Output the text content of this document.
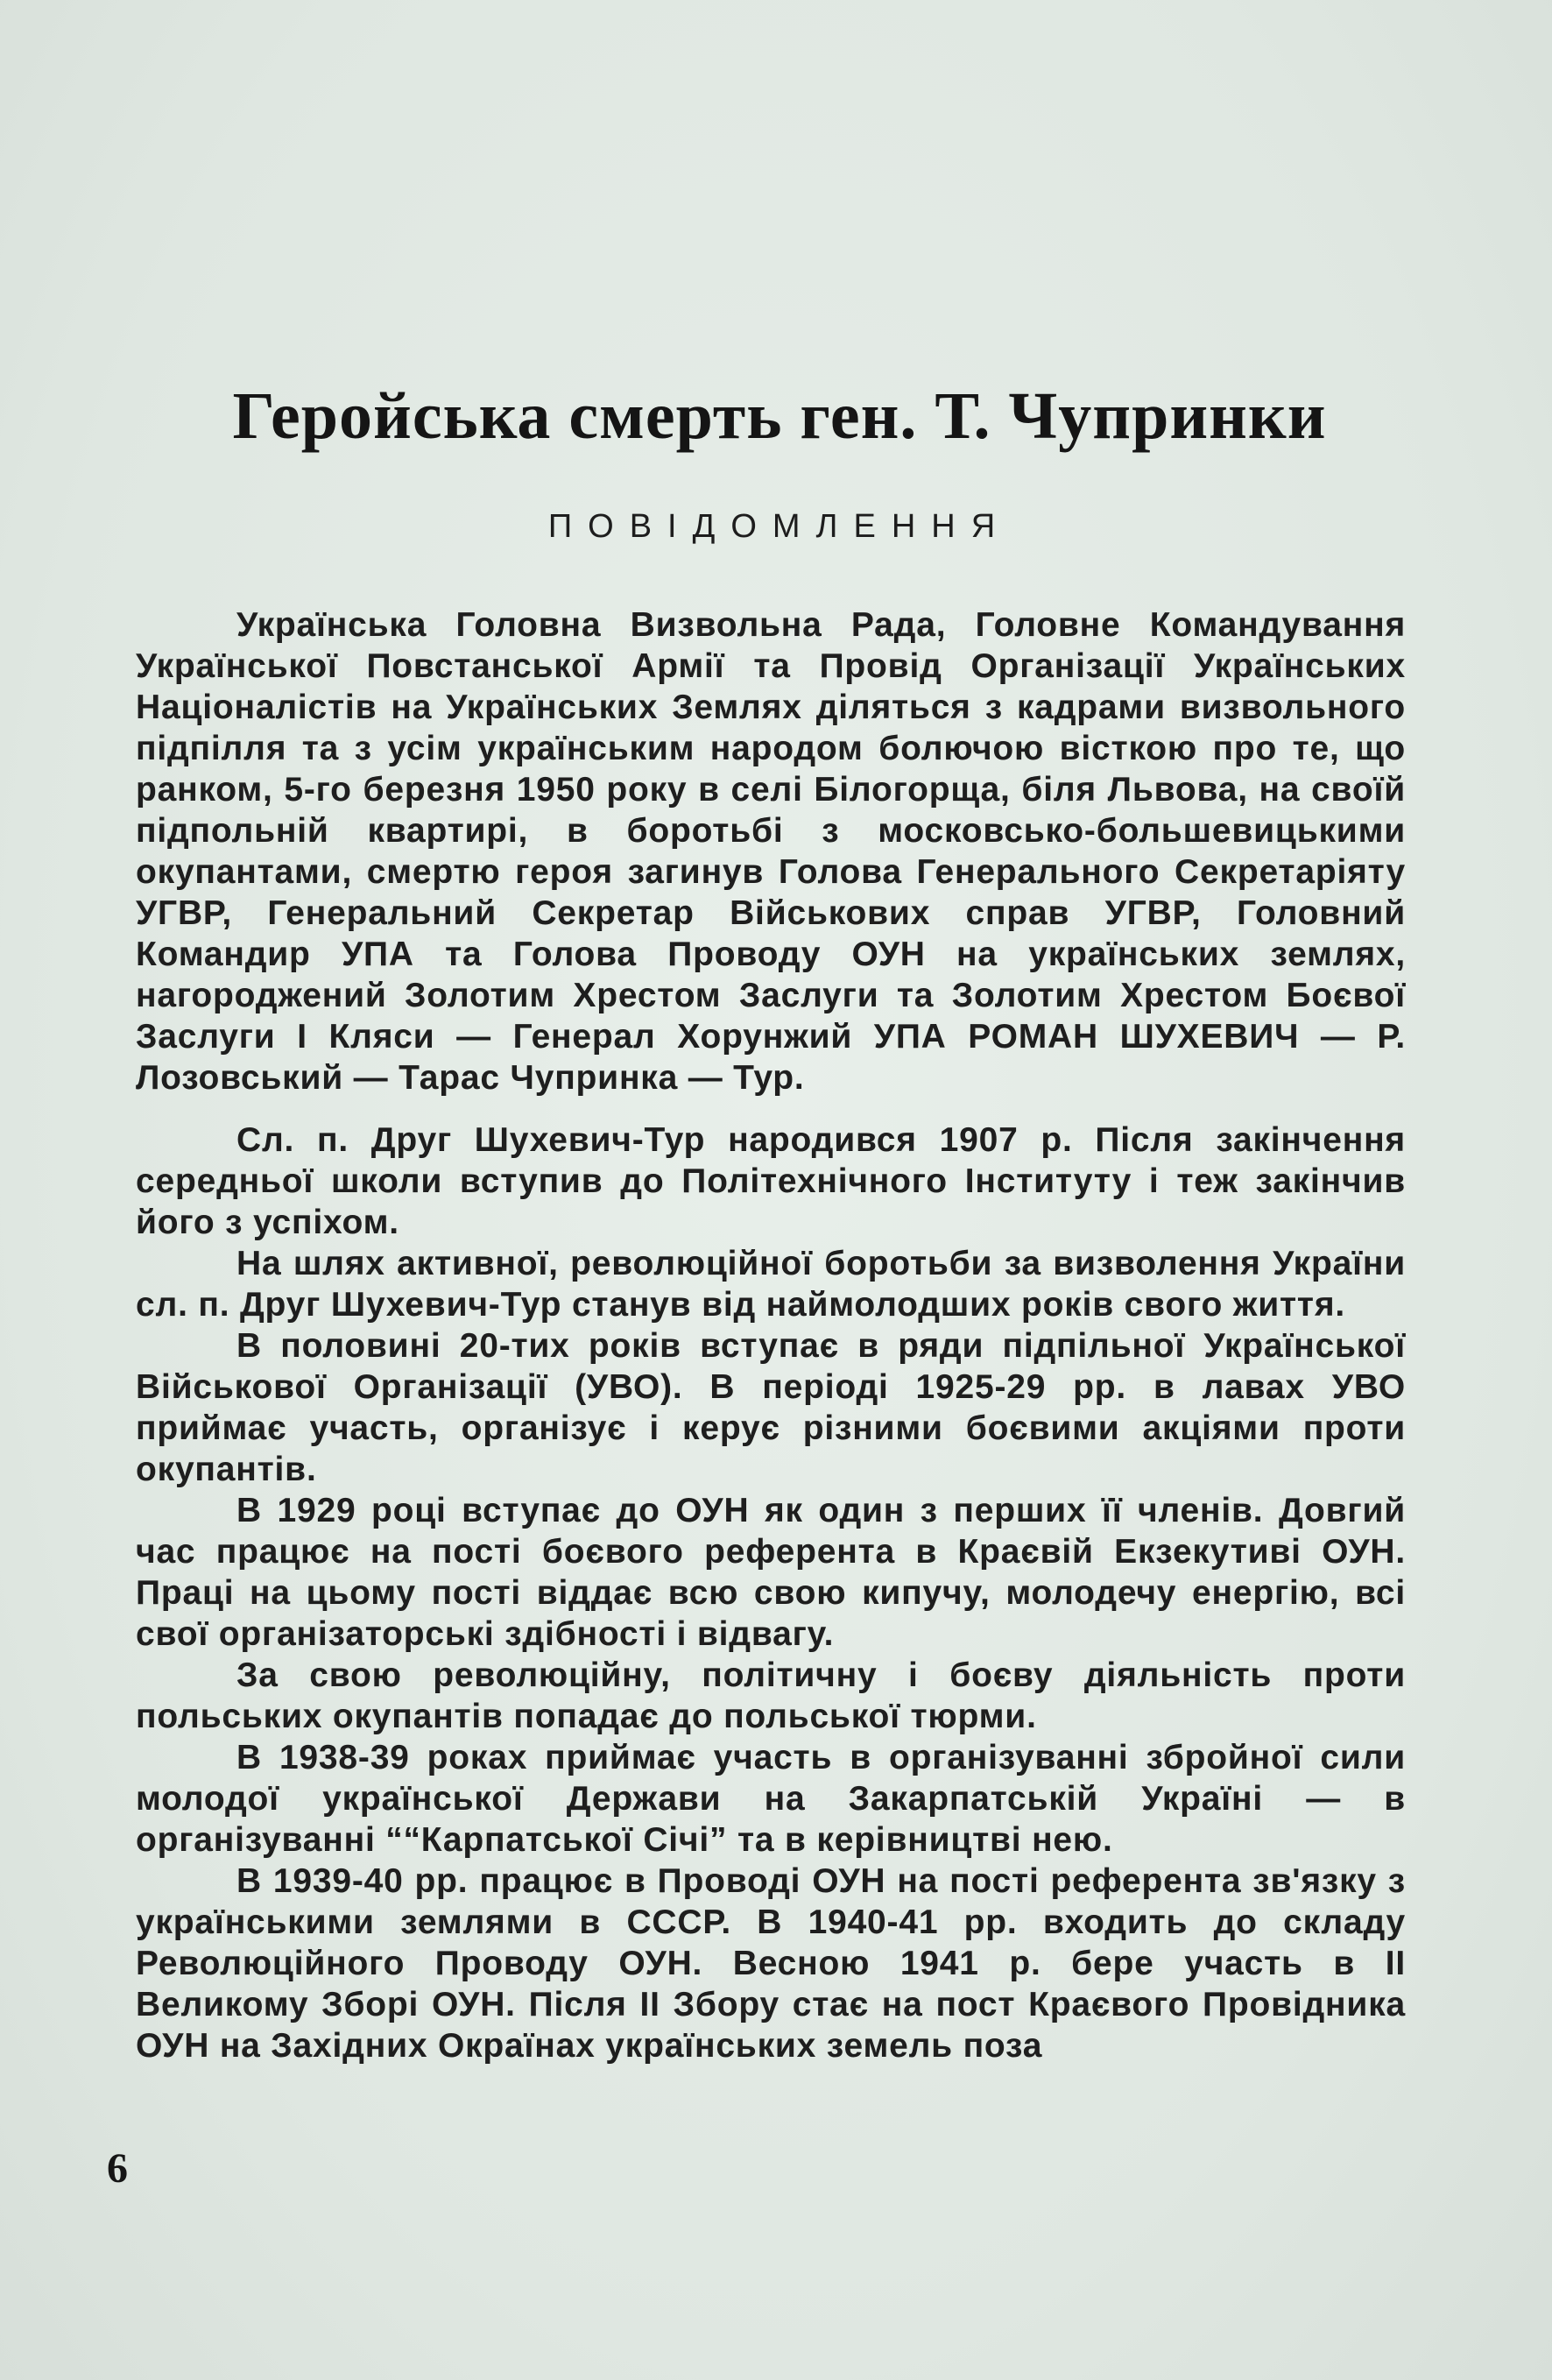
Геройська смерть ген. Т. Чупринки
ПОВІДОМЛЕННЯ

Українська Головна Визвольна Рада, Головне Командування Української Повстанської Армії та Провід Організації Українських Націоналістів на Українських Землях діляться з кадрами визвольного підпілля та з усім українським народом болючою вісткою про те, що ранком, 5-го березня 1950 року в селі Білогорща, біля Львова, на своїй підпольній квартирі, в боротьбі з московсько-большевицькими окупантами, смертю героя загинув Голова Генерального Секретаріяту УГВР, Генеральний Секретар Військових справ УГВР, Головний Командир УПА та Голова Проводу ОУН на українських землях, нагороджений Золотим Хрестом Заслуги та Золотим Хрестом Боєвої Заслуги І Кляси — Генерал Хорунжий УПА РОМАН ШУХЕВИЧ — Р. Лозовський — Тарас Чупринка — Тур.

Сл. п. Друг Шухевич-Тур народився 1907 р. Після закінчення середньої школи вступив до Політехнічного Інституту і теж закінчив його з успіхом.

На шлях активної, революційної боротьби за визволення України сл. п. Друг Шухевич-Тур станув від наймолодших років свого життя.

В половині 20-тих років вступає в ряди підпільної Української Військової Організації (УВО). В періоді 1925-29 рр. в лавах УВО приймає участь, організує і керує різними боєвими акціями проти окупантів.

В 1929 році вступає до ОУН як один з перших її членів. Довгий час працює на пості боєвого референта в Краєвій Екзекутиві ОУН. Праці на цьому пості віддає всю свою кипучу, молодечу енергію, всі свої організаторські здібності і відвагу.

За свою революційну, політичну і боєву діяльність проти польських окупантів попадає до польської тюрми.

В 1938-39 роках приймає участь в організуванні збройної сили молодої української Держави на Закарпатській Україні — в організуванні ““Карпатської Січі” та в керівництві нею.

В 1939-40 рр. працює в Проводі ОУН на пості референта зв'язку з українськими землями в СССР. В 1940-41 рр. входить до складу Революційного Проводу ОУН. Весною 1941 р. бере участь в ІІ Великому Зборі ОУН. Після ІІ Збору стає на пост Краєвого Провідника ОУН на Західних Окраїнах українських земель поза

6
